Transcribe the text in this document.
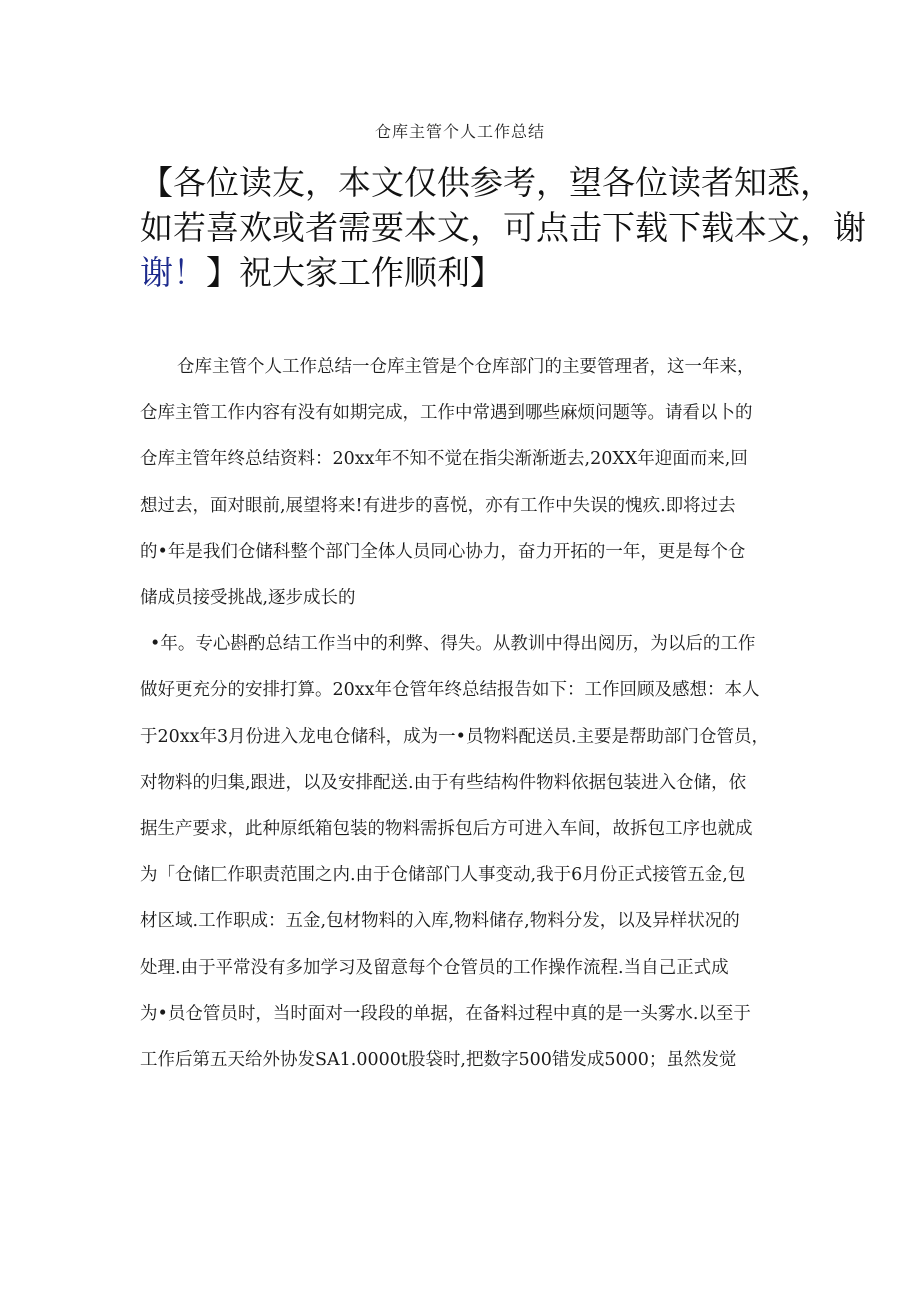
仓库主管个人工作总结
【各位读友，本文仅供参考，望各位读者知悉，
如若喜欢或者需要本文，可点击下载下载本文，谢
谢！】祝大家工作顺利】
仓库主管个人工作总结一仓库主管是个仓库部门的主要管理者，这一年来，
仓库主管工作内容有没有如期完成，工作中常遇到哪些麻烦问题等。请看以卜的
仓库主管年终总结资料：20xx年不知不觉在指尖渐渐逝去,20XX年迎面而来,回
想过去，面对眼前,展望将来!有进步的喜悦，亦有工作中失误的愧疚.即将过去
的•年是我们仓储科整个部门全体人员同心协力，奋力开拓的一年，更是每个仓
储成员接受挑战,逐步成长的
•年。专心斟酌总结工作当中的利弊、得失。从教训中得出阅历，为以后的工作
做好更充分的安排打算。20xx年仓管年终总结报告如下：工作回顾及感想：本人
于20xx年3月份进入龙电仓储科，成为一•员物料配送员.主要是帮助部门仓管员，
对物料的归集,跟进，以及安排配送.由于有些结构件物料依据包装进入仓储，依
据生产要求，此种原纸箱包装的物料需拆包后方可进入车间，故拆包工序也就成
为「仓储匚作职责范围之内.由于仓储部门人事变动,我于6月份正式接管五金,包
材区域.工作职成：五金,包材物料的入库,物料储存,物料分发，以及异样状况的
处理.由于平常没有多加学习及留意每个仓管员的工作操作流程.当自己正式成
为•员仓管员时，当时面对一段段的单据，在备料过程中真的是一头雾水.以至于
工作后第五天给外协发SA1.0000t股袋时,把数字500错发成5000；虽然发觉
